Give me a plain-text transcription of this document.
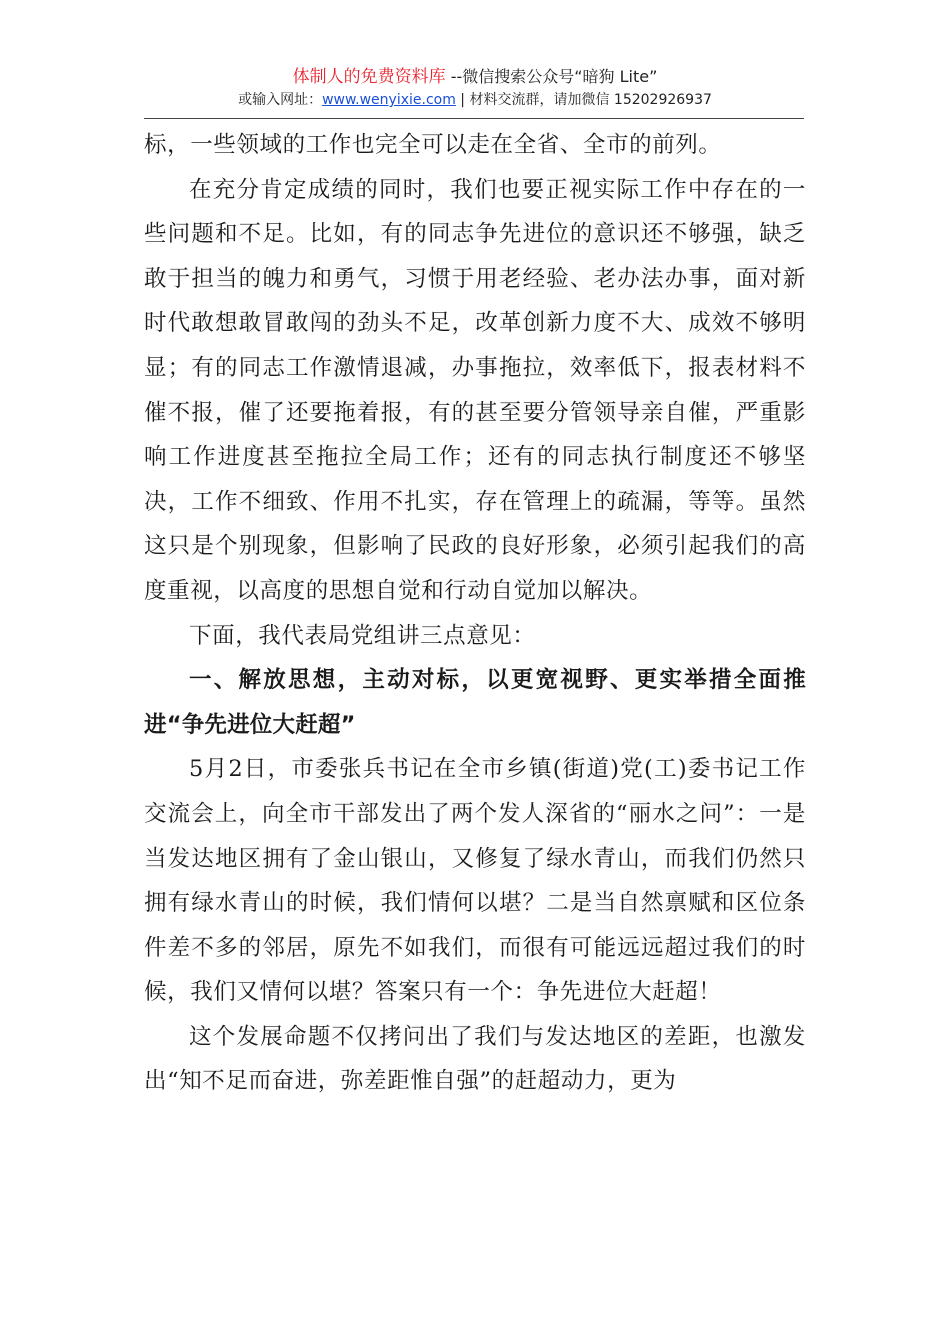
体制人的免费资料库 --微信搜索公众号“暗狗 Lite”
或输入网址：www.wenyixie.com | 材料交流群，请加微信 15202926937

标，一些领域的工作也完全可以走在全省、全市的前列。

在充分肯定成绩的同时，我们也要正视实际工作中存在的一些问题和不足。比如，有的同志争先进位的意识还不够强，缺乏敢于担当的魄力和勇气，习惯于用老经验、老办法办事，面对新时代敢想敢冒敢闯的劲头不足，改革创新力度不大、成效不够明显；有的同志工作激情退减，办事拖拉，效率低下，报表材料不催不报，催了还要拖着报，有的甚至要分管领导亲自催，严重影响工作进度甚至拖拉全局工作；还有的同志执行制度还不够坚决，工作不细致、作用不扎实，存在管理上的疏漏，等等。虽然这只是个别现象，但影响了民政的良好形象，必须引起我们的高度重视，以高度的思想自觉和行动自觉加以解决。

下面，我代表局党组讲三点意见：

一、解放思想，主动对标，以更宽视野、更实举措全面推进“争先进位大赶超”

5月2日，市委张兵书记在全市乡镇(街道)党(工)委书记工作交流会上，向全市干部发出了两个发人深省的“丽水之问”：一是当发达地区拥有了金山银山，又修复了绿水青山，而我们仍然只拥有绿水青山的时候，我们情何以堪？二是当自然禀赋和区位条件差不多的邻居，原先不如我们，而很有可能远远超过我们的时候，我们又情何以堪？答案只有一个：争先进位大赶超！

这个发展命题不仅拷问出了我们与发达地区的差距，也激发出“知不足而奋进，弥差距惟自强”的赶超动力，更为
